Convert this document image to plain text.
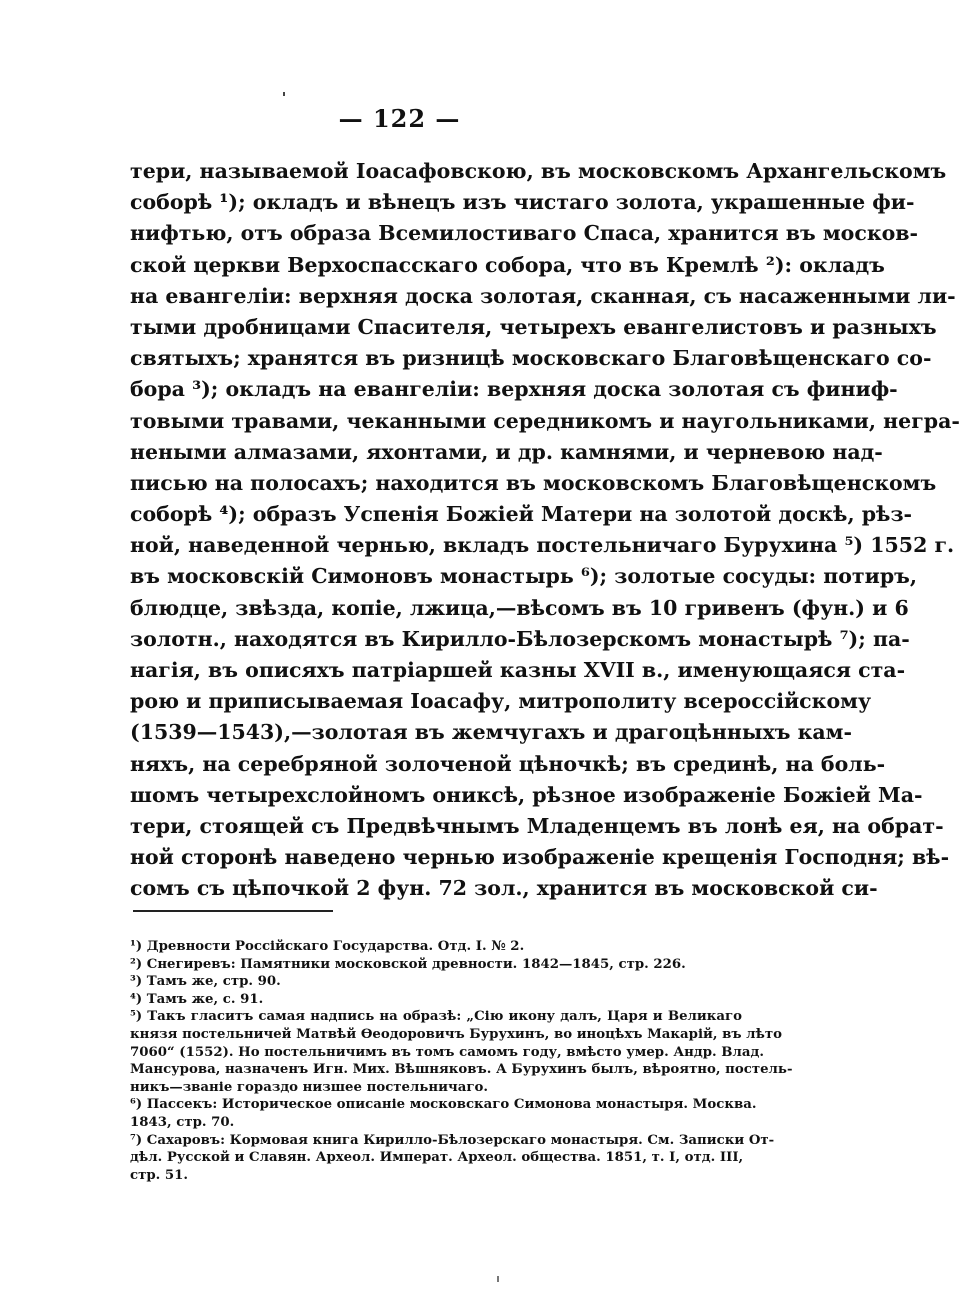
— 122 —
тери, называемой Іоасафовскою, въ московскомъ Архангельскомъ
соборѣ ¹); окладъ и вѣнецъ изъ чистаго золота, украшенные фи-
нифтью, отъ образа Всемилостиваго Спаса, хранится въ москов-
ской церкви Верхоспасскаго собора, что въ Кремлѣ ²): окладъ
на евангеліи: верхняя доска золотая, сканная, съ насаженными ли-
тыми дробницами Спасителя, четырехъ евангелистовъ и разныхъ
святыхъ; хранятся въ ризницѣ московскаго Благовѣщенскаго со-
бора ³); окладъ на евангеліи: верхняя доска золотая съ финиф-
товыми травами, чеканными середникомъ и наугольниками, негра-
неными алмазами, яхонтами, и др. камнями, и черневою над-
писью на полосахъ; находится въ московскомъ Благовѣщенскомъ
соборѣ ⁴); образъ Успенія Божіей Матери на золотой доскѣ, рѣз-
ной, наведенной чернью, вкладъ постельничаго Бурухина ⁵) 1552 г.
въ московскій Симоновъ монастырь ⁶); золотые сосуды: потиръ,
блюдце, звѣзда, копіе, лжица,—вѣсомъ въ 10 гривенъ (фун.) и 6
золотн., находятся въ Кирилло-Бѣлозерскомъ монастырѣ ⁷); па-
нагія, въ описяхъ патріаршей казны XVII в., именующаяся ста-
рою и приписываемая Іоасафу, митрополиту всероссійскому
(1539—1543),—золотая въ жемчугахъ и драгоцѣнныхъ кам-
няхъ, на серебряной золоченой цѣночкѣ; въ срединѣ, на боль-
шомъ четырехслойномъ ониксѣ, рѣзное изображеніе Божіей Ма-
тери, стоящей съ Предвѣчнымъ Младенцемъ въ лонѣ ея, на обрат-
ной сторонѣ наведено чернью изображеніе крещенія Господня; вѣ-
сомъ съ цѣпочкой 2 фун. 72 зол., хранится въ московской си-
¹) Древности Россійскаго Государства. Отд. I. № 2.
²) Снегиревъ: Памятники московской древности. 1842—1845, стр. 226.
³) Тамъ же, стр. 90.
⁴) Тамъ же, с. 91.
⁵) Такъ гласитъ самая надпись на образѣ: „Сію икону далъ, Царя и Великаго
князя постельничей Матвѣй Ѳеодоровичъ Бурухинъ, во иноцѣхъ Макарій, въ лѣто
7060“ (1552). Но постельничимъ въ томъ самомъ году, вмѣсто умер. Андр. Влад.
Мансурова, назначенъ Игн. Мих. Вѣшняковъ. А Бурухинъ былъ, вѣроятно, постель-
никъ—званіе гораздо низшее постельничаго.
⁶) Пассекъ: Историческое описаніе московскаго Симонова монастыря. Москва.
1843, стр. 70.
⁷) Сахаровъ: Кормовая книга Кирилло-Бѣлозерскаго монастыря. См. Записки От-
дѣл. Русской и Славян. Археол. Императ. Археол. общества. 1851, т. I, отд. III,
стр. 51.
